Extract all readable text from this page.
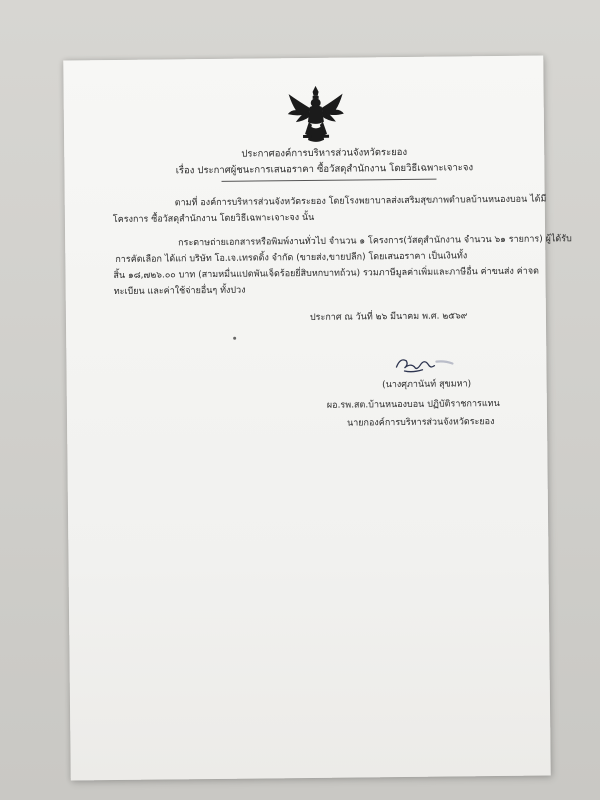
ประกาศองค์การบริหารส่วนจังหวัดระยอง
เรื่อง ประกาศผู้ชนะการเสนอราคา ซื้อวัสดุสำนักงาน โดยวิธีเฉพาะเจาะจง
ตามที่ องค์การบริหารส่วนจังหวัดระยอง โดยโรงพยาบาลส่งเสริมสุขภาพตำบลบ้านหนองบอน ได้มี
โครงการ ซื้อวัสดุสำนักงาน โดยวิธีเฉพาะเจาะจง นั้น
กระดาษถ่ายเอกสารหรือพิมพ์งานทั่วไป จำนวน ๑ โครงการ(วัสดุสำนักงาน จำนวน ๖๑ รายการ) ผู้ได้รับ
การคัดเลือก ได้แก่ บริษัท โอ.เจ.เทรดดิ้ง จำกัด (ขายส่ง,ขายปลีก) โดยเสนอราคา เป็นเงินทั้ง
สิ้น ๑๘,๗๒๖.๐๐ บาท (สามหมื่นแปดพันเจ็ดร้อยยี่สิบหกบาทถ้วน) รวมภาษีมูลค่าเพิ่มและภาษีอื่น ค่าขนส่ง ค่าจด
ทะเบียน และค่าใช้จ่ายอื่นๆ ทั้งปวง
ประกาศ ณ วันที่ ๒๖ มีนาคม พ.ศ. ๒๕๖๙
(นางศุภานันท์ สุขมหา)
ผอ.รพ.สต.บ้านหนองบอน ปฏิบัติราชการแทน
นายกองค์การบริหารส่วนจังหวัดระยอง
